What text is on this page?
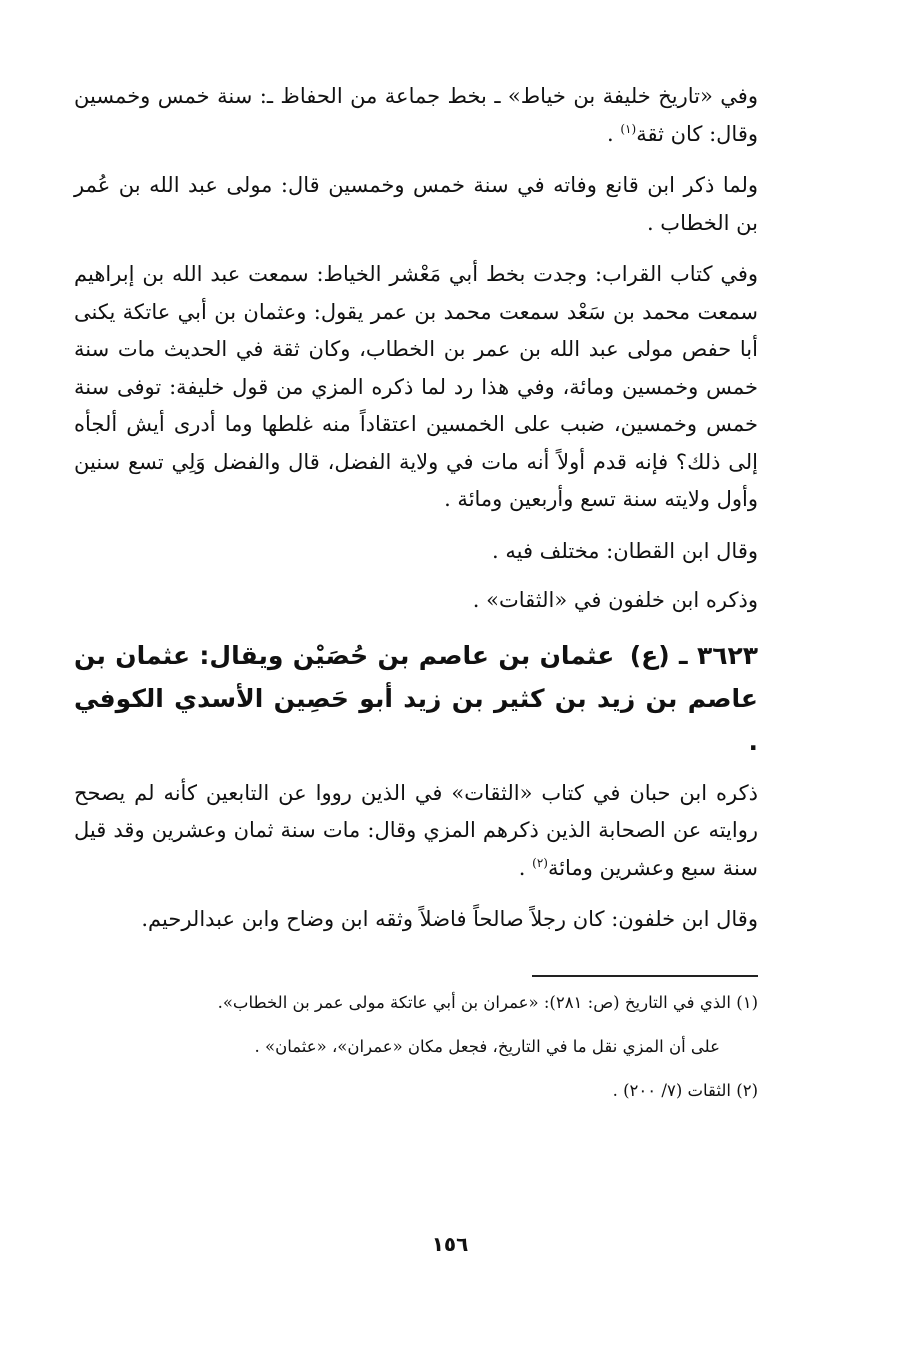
وفي «تاريخ خليفة بن خياط» ـ بخط جماعة من الحفاظ ـ: سنة خمس وخمسين وقال: كان ثقة$^{(١)}$ .

ولما ذكر ابن قانع وفاته في سنة خمس وخمسين قال: مولى عبد الله بن عُمر بن الخطاب .

وفي كتاب القراب: وجدت بخط أبي مَعْشر الخياط: سمعت عبد الله بن إبراهيم سمعت محمد بن سَعْد سمعت محمد بن عمر يقول: وعثمان بن أبي عاتكة يكنى أبا حفص مولى عبد الله بن عمر بن الخطاب، وكان ثقة في الحديث مات سنة خمس وخمسين ومائة، وفي هذا رد لما ذكره المزي من قول خليفة: توفى سنة خمس وخمسين، ضبب على الخمسين اعتقاداً منه غلطها وما أدرى أيش ألجأه إلى ذلك؟ فإنه قدم أولاً أنه مات في ولاية الفضل، قال والفضل وَلِي تسع سنين وأول ولايته سنة تسع وأربعين ومائة .

وقال ابن القطان: مختلف فيه .

وذكره ابن خلفون في «الثقات» .

٣٦٢٣ ـ (ع) عثمان بن عاصم بن حُصَيْن ويقال: عثمان بن عاصم بن زيد بن كثير بن زيد أبو حَصِين الأسدي الكوفي .

ذكره ابن حبان في كتاب «الثقات» في الذين رووا عن التابعين كأنه لم يصحح روايته عن الصحابة الذين ذكرهم المزي وقال: مات سنة ثمان وعشرين وقد قيل سنة سبع وعشرين ومائة$^{(٢)}$ .

وقال ابن خلفون: كان رجلاً صالحاً فاضلاً وثقه ابن وضاح وابن عبدالرحيم.

(١) الذي في التاريخ (ص: ٢٨١): «عمران بن أبي عاتكة مولى عمر بن الخطاب».

على أن المزي نقل ما في التاريخ، فجعل مكان «عمران»، «عثمان» .

(٢) الثقات (٧/ ٢٠٠) .

١٥٦
